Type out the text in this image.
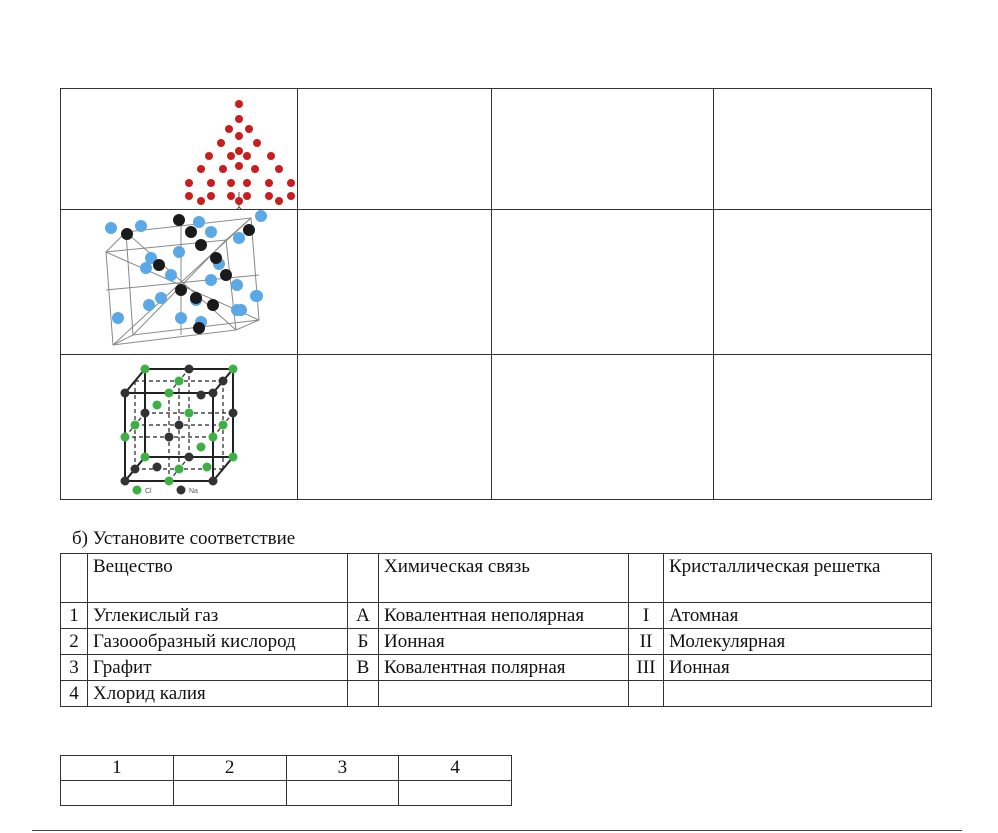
Cl Na			

б) Установите соответствие

	Вещество		Химическая связь		Кристаллическая решетка
1	Углекислый газ	А	Ковалентная неполярная	I	Атомная
2	Газоообразный кислород	Б	Ионная	II	Молекулярная
3	Графит	В	Ковалентная полярная	III	Ионная
4	Хлорид калия				
1	2	3	4
